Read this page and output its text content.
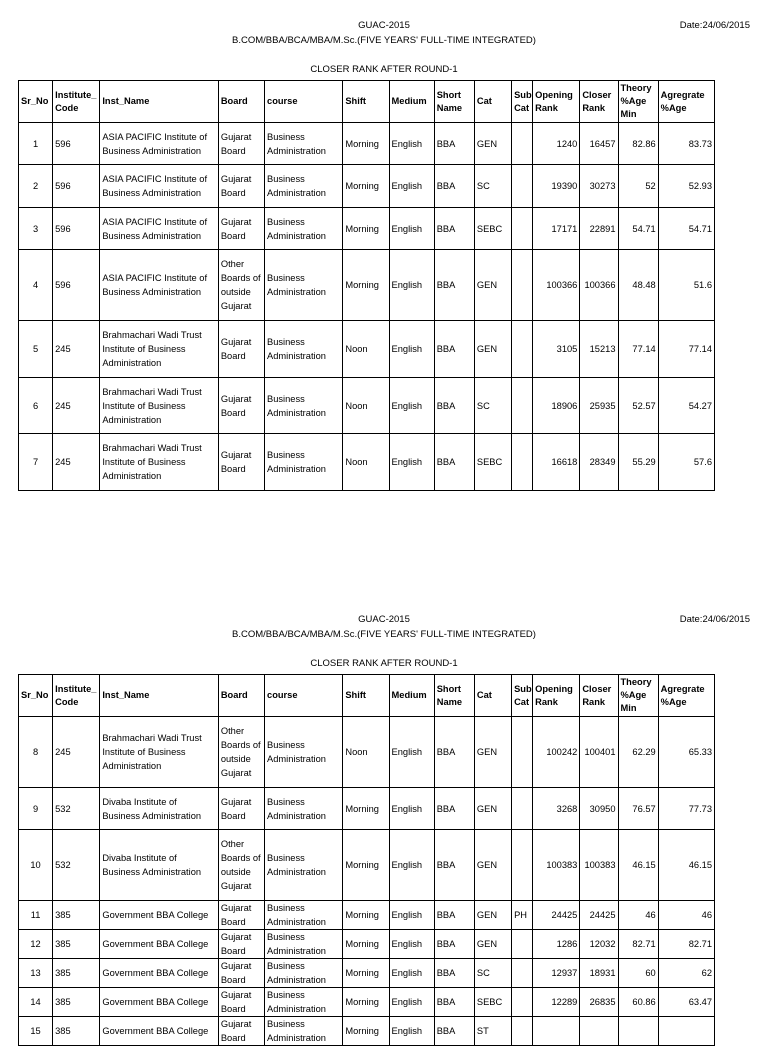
GUAC-2015	Date:24/06/2015
B.COM/BBA/BCA/MBA/M.Sc.(FIVE YEARS' FULL-TIME INTEGRATED)
CLOSER RANK AFTER ROUND-1
Sr_No	Institute_ Code	Inst_Name	Board	course	Shift	Medium	Short Name	Cat	Sub Cat	Opening Rank	Closer Rank	Theory %Age Min	Agregrate %Age
1	596	ASIA PACIFIC Institute of Business Administration	Gujarat Board	Business Administration	Morning	English	BBA	GEN		1240	16457	82.86	83.73
2	596	ASIA PACIFIC Institute of Business Administration	Gujarat Board	Business Administration	Morning	English	BBA	SC		19390	30273	52	52.93
3	596	ASIA PACIFIC Institute of Business Administration	Gujarat Board	Business Administration	Morning	English	BBA	SEBC		17171	22891	54.71	54.71
4	596	ASIA PACIFIC Institute of Business Administration	Other Boards of outside Gujarat	Business Administration	Morning	English	BBA	GEN		100366	100366	48.48	51.6
5	245	Brahmachari Wadi Trust Institute of Business Administration	Gujarat Board	Business Administration	Noon	English	BBA	GEN		3105	15213	77.14	77.14
6	245	Brahmachari Wadi Trust Institute of Business Administration	Gujarat Board	Business Administration	Noon	English	BBA	SC		18906	25935	52.57	54.27
7	245	Brahmachari Wadi Trust Institute of Business Administration	Gujarat Board	Business Administration	Noon	English	BBA	SEBC		16618	28349	55.29	57.6
GUAC-2015	Date:24/06/2015
B.COM/BBA/BCA/MBA/M.Sc.(FIVE YEARS' FULL-TIME INTEGRATED)
CLOSER RANK AFTER ROUND-1
Sr_No	Institute_ Code	Inst_Name	Board	course	Shift	Medium	Short Name	Cat	Sub Cat	Opening Rank	Closer Rank	Theory %Age Min	Agregrate %Age
8	245	Brahmachari Wadi Trust Institute of Business Administration	Other Boards of outside Gujarat	Business Administration	Noon	English	BBA	GEN		100242	100401	62.29	65.33
9	532	Divaba Institute of Business Administration	Gujarat Board	Business Administration	Morning	English	BBA	GEN		3268	30950	76.57	77.73
10	532	Divaba Institute of Business Administration	Other Boards of outside Gujarat	Business Administration	Morning	English	BBA	GEN		100383	100383	46.15	46.15
11	385	Government BBA College	Gujarat Board	Business Administration	Morning	English	BBA	GEN	PH	24425	24425	46	46
12	385	Government BBA College	Gujarat Board	Business Administration	Morning	English	BBA	GEN		1286	12032	82.71	82.71
13	385	Government BBA College	Gujarat Board	Business Administration	Morning	English	BBA	SC		12937	18931	60	62
14	385	Government BBA College	Gujarat Board	Business Administration	Morning	English	BBA	SEBC		12289	26835	60.86	63.47
15	385	Government BBA College	Gujarat Board	Business Administration	Morning	English	BBA	ST					
